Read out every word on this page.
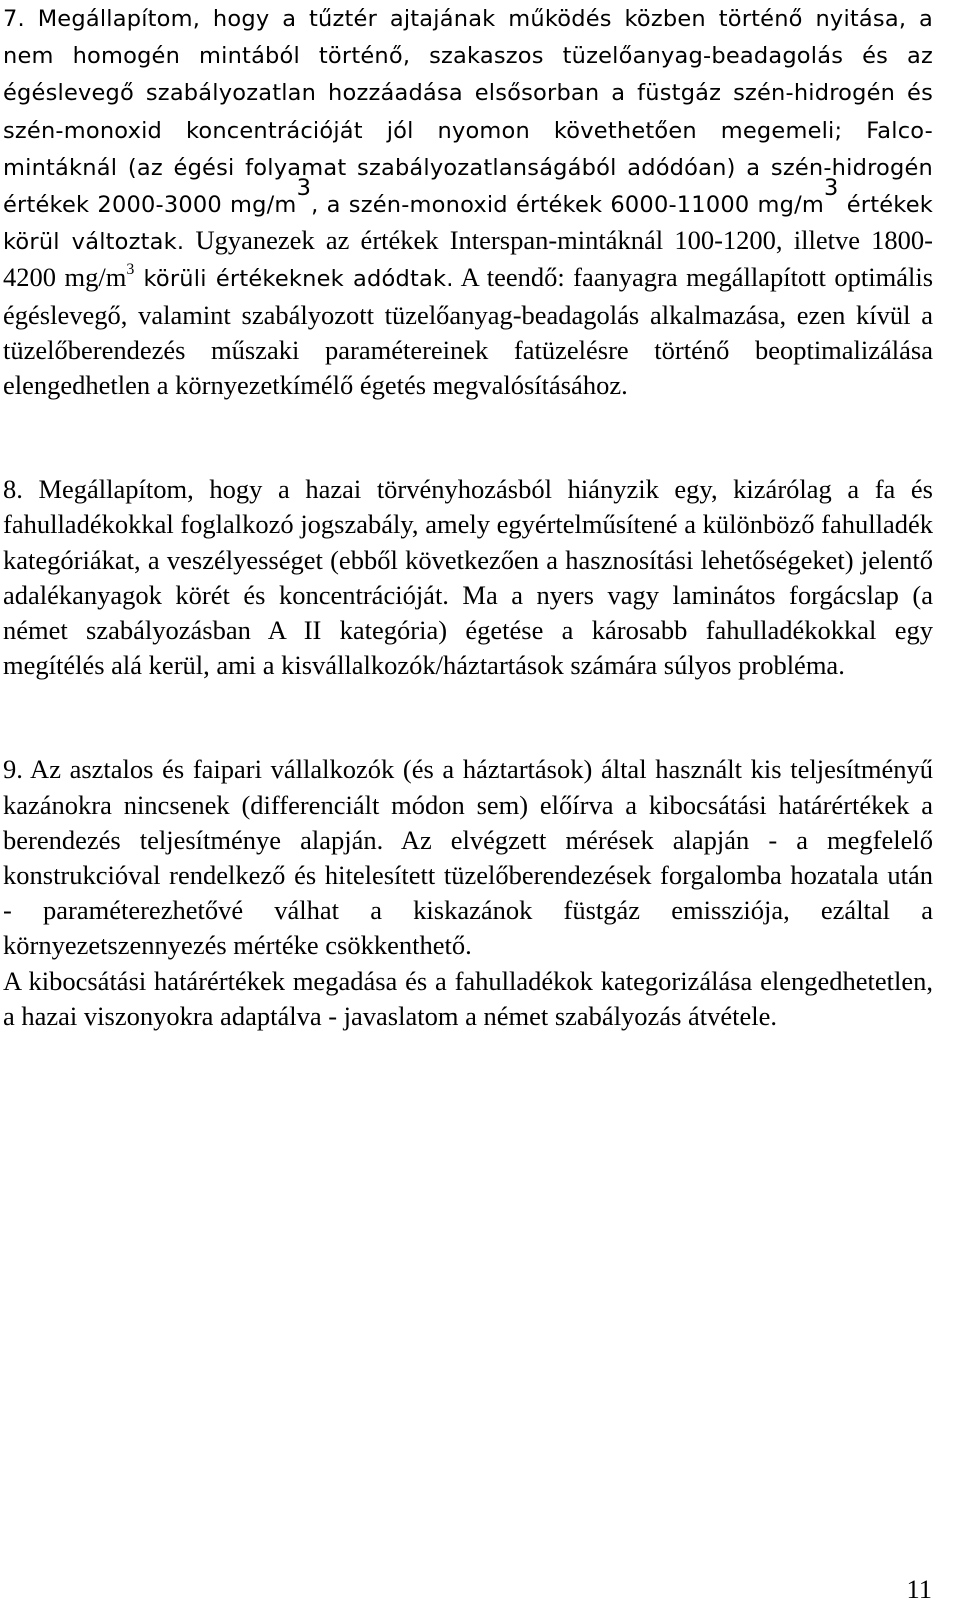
7. Megállapítom, hogy a tűztér ajtajának működés közben történő nyitása, a nem homogén mintából történő, szakaszos tüzelőanyag-beadagolás és az égéslevegő szabályozatlan hozzáadása elsősorban a füstgáz szén-hidrogén és szén-monoxid koncentrációját jól nyomon követhetően megemeli; Falco-mintáknál (az égési folyamat szabályozatlanságából adódóan) a szén-hidrogén értékek 2000-3000 $mg/m^3$, a szén-monoxid értékek 6000-11000 $mg/m^3$ értékek körül változtak. Ugyanezek az értékek Interspan-mintáknál 100-1200, illetve 1800-4200 $mg/m^3$ körüli értékeknek adódtak. A teendő: faanyagra megállapított optimális égéslevegő, valamint szabályozott tüzelőanyag-beadagolás alkalmazása, ezen kívül a tüzelőberendezés műszaki paramétereinek fatüzelésre történő beoptimalizálása elengedhetlen a környezetkímélő égetés megvalósításához.

8. Megállapítom, hogy a hazai törvényhozásból hiányzik egy, kizárólag a fa és fahulladékokkal foglalkozó jogszabály, amely egyértelműsítené a különböző fahulladék kategóriákat, a veszélyességet (ebből következően a hasznosítási lehetőségeket) jelentő adalékanyagok körét és koncentrációját. Ma a nyers vagy laminátos forgácslap (a német szabályozásban A II kategória) égetése a károsabb fahulladékokkal egy megítélés alá kerül, ami a kisvállalkozók/háztartások számára súlyos probléma.

9. Az asztalos és faipari vállalkozók (és a háztartások) által használt kis teljesítményű kazánokra nincsenek (differenciált módon sem) előírva a kibocsátási határértékek a berendezés teljesítménye alapján. Az elvégzett mérések alapján - a megfelelő konstrukcióval rendelkező és hitelesített tüzelőberendezések forgalomba hozatala után - paraméterezhetővé válhat a kiskazánok füstgáz emissziója, ezáltal a környezetszennyezés mértéke csökkenthető.

A kibocsátási határértékek megadása és a fahulladékok kategorizálása elengedhetetlen, a hazai viszonyokra adaptálva - javaslatom a német szabályozás átvétele.

11
